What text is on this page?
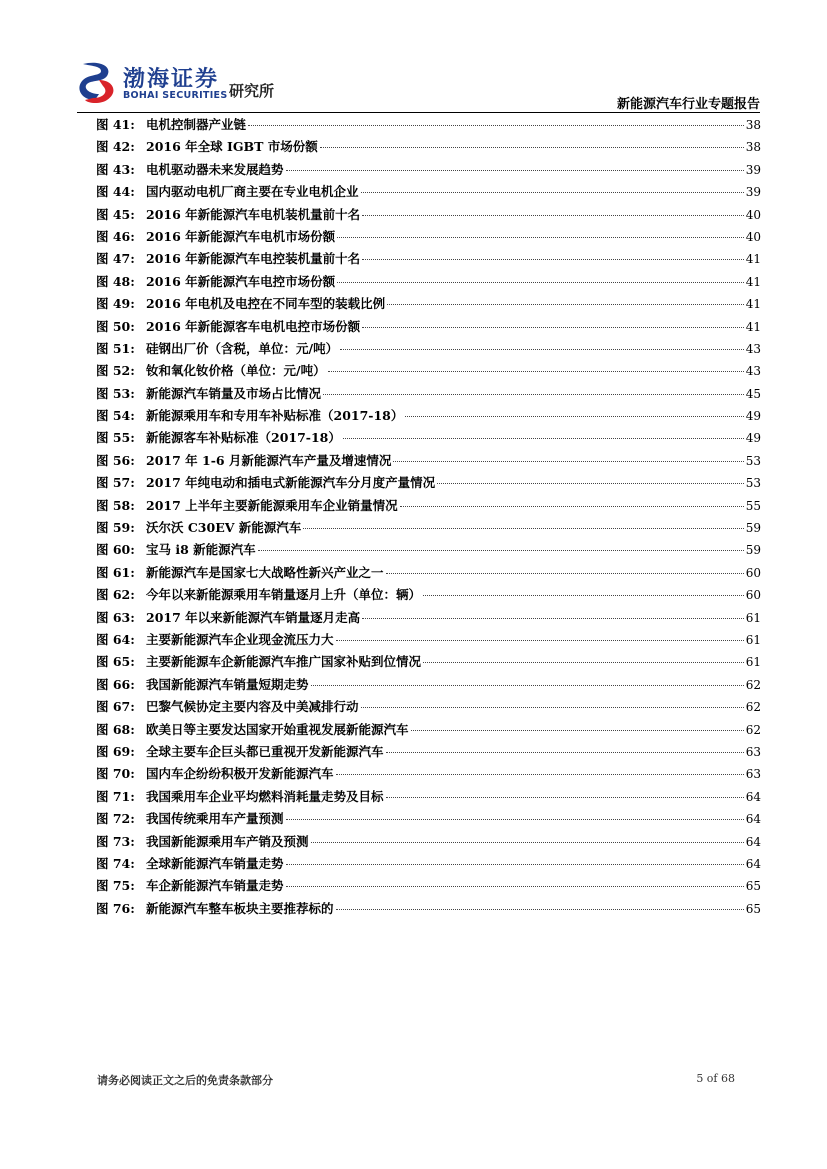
渤海证券
BOHAI SECURITIES 研究所
新能源汽车行业专题报告
图 41: 电机控制器产业链	38
图 42: 2016 年全球 IGBT 市场份额	38
图 43: 电机驱动器未来发展趋势	39
图 44: 国内驱动电机厂商主要在专业电机企业	39
图 45: 2016 年新能源汽车电机装机量前十名	40
图 46: 2016 年新能源汽车电机市场份额	40
图 47: 2016 年新能源汽车电控装机量前十名	41
图 48: 2016 年新能源汽车电控市场份额	41
图 49: 2016 年电机及电控在不同车型的装载比例	41
图 50: 2016 年新能源客车电机电控市场份额	41
图 51: 硅钢出厂价（含税，单位：元/吨）	43
图 52: 钕和氧化钕价格（单位：元/吨）	43
图 53: 新能源汽车销量及市场占比情况	45
图 54: 新能源乘用车和专用车补贴标准（2017-18）	49
图 55: 新能源客车补贴标准（2017-18）	49
图 56: 2017 年 1-6 月新能源汽车产量及增速情况	53
图 57: 2017 年纯电动和插电式新能源汽车分月度产量情况	53
图 58: 2017 上半年主要新能源乘用车企业销量情况	55
图 59: 沃尔沃 C30EV 新能源汽车	59
图 60: 宝马 i8 新能源汽车	59
图 61: 新能源汽车是国家七大战略性新兴产业之一	60
图 62: 今年以来新能源乘用车销量逐月上升（单位：辆）	60
图 63: 2017 年以来新能源汽车销量逐月走高	61
图 64: 主要新能源汽车企业现金流压力大	61
图 65: 主要新能源车企新能源汽车推广国家补贴到位情况	61
图 66: 我国新能源汽车销量短期走势	62
图 67: 巴黎气候协定主要内容及中美减排行动	62
图 68: 欧美日等主要发达国家开始重视发展新能源汽车	62
图 69: 全球主要车企巨头都已重视开发新能源汽车	63
图 70: 国内车企纷纷积极开发新能源汽车	63
图 71: 我国乘用车企业平均燃料消耗量走势及目标	64
图 72: 我国传统乘用车产量预测	64
图 73: 我国新能源乘用车产销及预测	64
图 74: 全球新能源汽车销量走势	64
图 75: 车企新能源汽车销量走势	65
图 76: 新能源汽车整车板块主要推荐标的	65
请务必阅读正文之后的免责条款部分	5 of 68
